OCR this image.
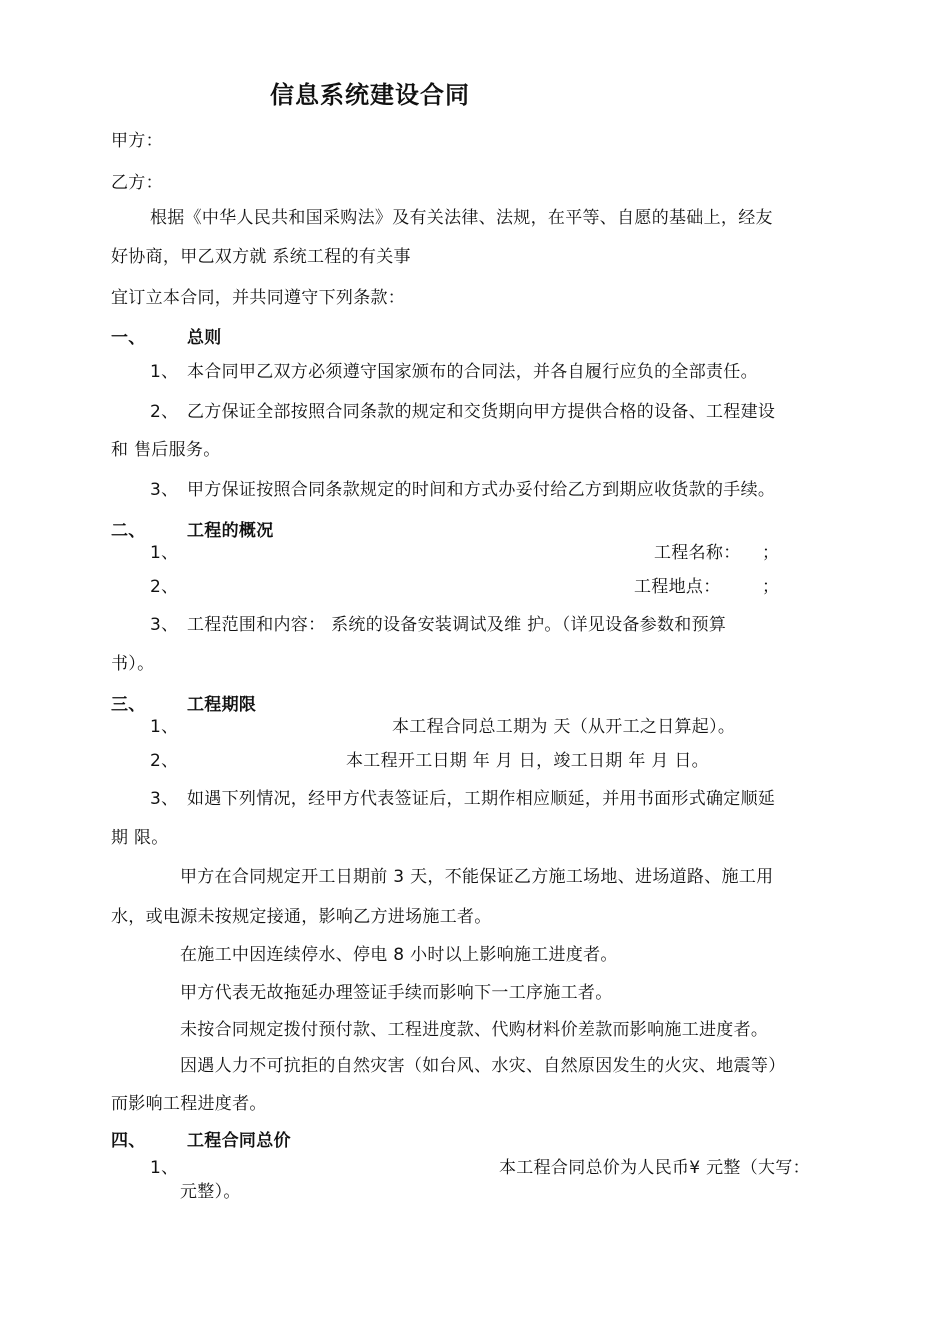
信息系统建设合同
甲方：
乙方：
根据《中华人民共和国采购法》及有关法律、法规，在平等、自愿的基础上，经友
好协商，甲乙双方就 系统工程的有关事
宜订立本合同，并共同遵守下列条款：
一、 总则
1、 本合同甲乙双方必须遵守国家颁布的合同法，并各自履行应负的全部责任。
2、 乙方保证全部按照合同条款的规定和交货期向甲方提供合格的设备、工程建设
和 售后服务。
3、 甲方保证按照合同条款规定的时间和方式办妥付给乙方到期应收货款的手续。
二、 工程的概况
1、	工程名称： ；
2、	工程地点： ；
3、 工程范围和内容： 系统的设备安装调试及维 护。（详见设备参数和预算
书）。
三、 工程期限
1、	本工程合同总工期为 天（从开工之日算起）。
2、	本工程开工日期 年 月 日，竣工日期 年 月 日。
3、 如遇下列情况，经甲方代表签证后，工期作相应顺延，并用书面形式确定顺延
期 限。
甲方在合同规定开工日期前 3 天，不能保证乙方施工场地、进场道路、施工用
水，或电源未按规定接通，影响乙方进场施工者。
在施工中因连续停水、停电 8 小时以上影响施工进度者。
甲方代表无故拖延办理签证手续而影响下一工序施工者。
未按合同规定拨付预付款、工程进度款、代购材料价差款而影响施工进度者。
因遇人力不可抗拒的自然灾害（如台风、水灾、自然原因发生的火灾、地震等）
而影响工程进度者。
四、 工程合同总价
1、	本工程合同总价为人民币¥ 元整（大写：
元整）。
